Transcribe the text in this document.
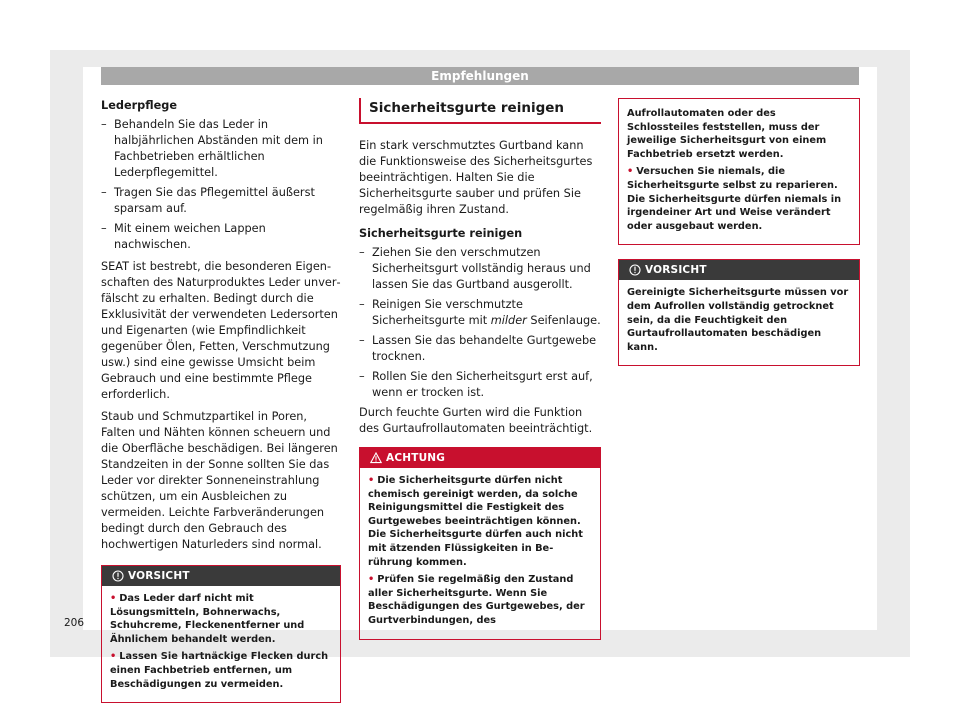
Empfehlungen

Lederpflege

– Behandeln Sie das Leder in halbjährlichen Abständen mit dem in Fachbetrieben erhältlichen Lederpflegemittel.
– Tragen Sie das Pflegemittel äußerst sparsam auf.
– Mit einem weichen Lappen nachwischen.

SEAT ist bestrebt, die besonderen Eigenschaften des Naturproduktes Leder unverfälscht zu erhalten. Bedingt durch die Exklusivität der verwendeten Ledersorten und Eigenarten (wie Empfindlichkeit gegenüber Ölen, Fetten, Verschmutzung usw.) sind eine gewisse Umsicht beim Gebrauch und eine bestimmte Pflege erforderlich.

Staub und Schmutzpartikel in Poren, Falten und Nähten können scheuern und die Oberfläche beschädigen. Bei längeren Standzeiten in der Sonne sollten Sie das Leder vor direkter Sonneneinstrahlung schützen, um ein Ausbleichen zu vermeiden. Leichte Farbveränderungen bedingt durch den Gebrauch des hochwertigen Naturleders sind normal.

VORSICHT

• Das Leder darf nicht mit Lösungsmitteln, Bohnerwachs, Schuhcreme, Fleckenentferner und Ähnlichem behandelt werden.

• Lassen Sie hartnäckige Flecken durch einen Fachbetrieb entfernen, um Beschädigungen zu vermeiden.

Sicherheitsgurte reinigen

Ein stark verschmutztes Gurtband kann die Funktionsweise des Sicherheitsgurtes beeinträchtigen. Halten Sie die Sicherheitsgurte sauber und prüfen Sie regelmäßig ihren Zustand.

Sicherheitsgurte reinigen

– Ziehen Sie den verschmutzen Sicherheitsgurt vollständig heraus und lassen Sie das Gurtband ausgerollt.
– Reinigen Sie verschmutzte Sicherheitsgurte mit milder Seifenlauge.
– Lassen Sie das behandelte Gurtgewebe trocknen.
– Rollen Sie den Sicherheitsgurt erst auf, wenn er trocken ist.

Durch feuchte Gurten wird die Funktion des Gurtaufrollautomaten beeinträchtigt.

ACHTUNG

• Die Sicherheitsgurte dürfen nicht chemisch gereinigt werden, da solche Reinigungsmittel die Festigkeit des Gurtgewebes beeinträchtigen können. Die Sicherheitsgurte dürfen auch nicht mit ätzenden Flüssigkeiten in Berührung kommen.

• Prüfen Sie regelmäßig den Zustand aller Sicherheitsgurte. Wenn Sie Beschädigungen des Gurtgewebes, der Gurtverbindungen, des

Aufrollautomaten oder des Schlossteiles feststellen, muss der jeweilige Sicherheitsgurt von einem Fachbetrieb ersetzt werden.

• Versuchen Sie niemals, die Sicherheitsgurte selbst zu reparieren. Die Sicherheitsgurte dürfen niemals in irgendeiner Art und Weise verändert oder ausgebaut werden.

VORSICHT

Gereinigte Sicherheitsgurte müssen vor dem Aufrollen vollständig getrocknet sein, da die Feuchtigkeit den Gurtaufrollautomaten beschädigen kann.

206
